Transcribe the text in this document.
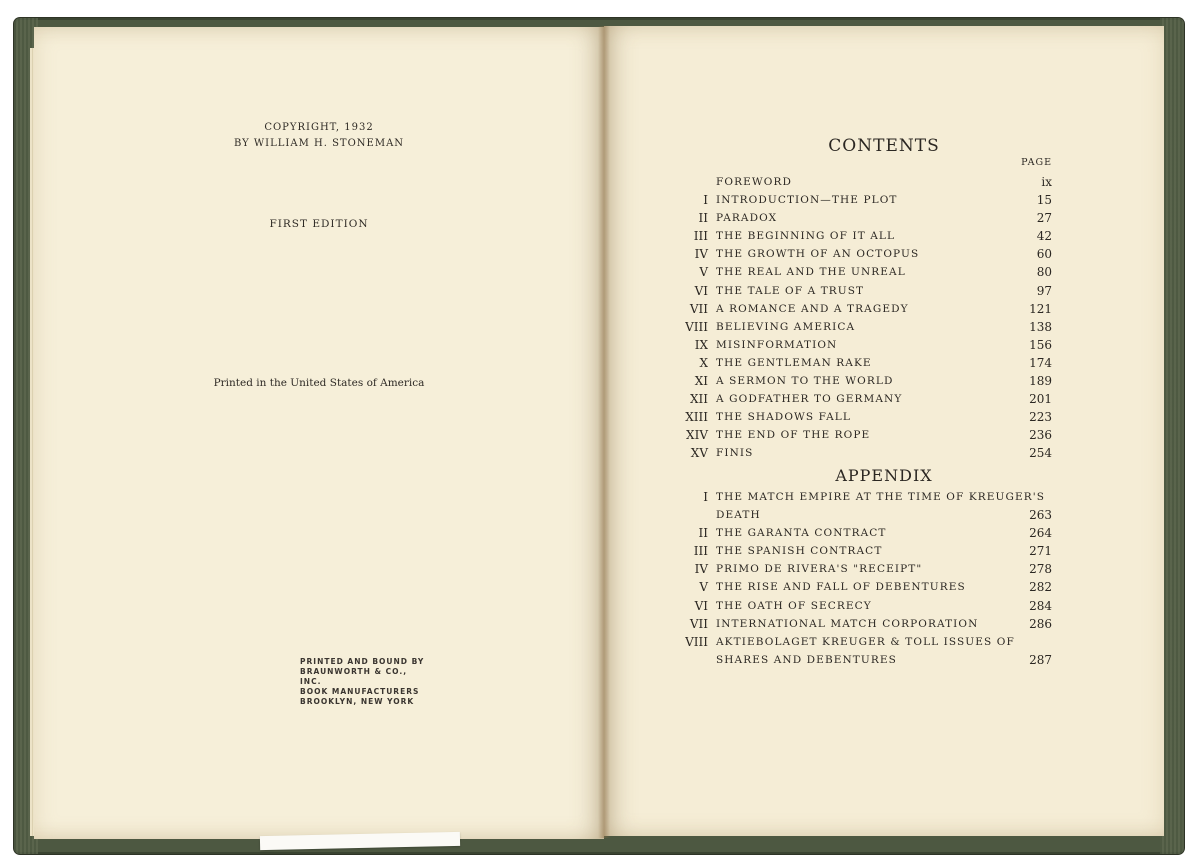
COPYRIGHT, 1932
BY WILLIAM H. STONEMAN
FIRST EDITION
Printed in the United States of America
PRINTED AND BOUND BY
BRAUNWORTH & CO., INC.
BOOK MANUFACTURERS
BROOKLYN, NEW YORK
CONTENTS
PAGE
FOREWORD	ix
I INTRODUCTION—THE PLOT	15
II PARADOX	27
III THE BEGINNING OF IT ALL	42
IV THE GROWTH OF AN OCTOPUS	60
V THE REAL AND THE UNREAL	80
VI THE TALE OF A TRUST	97
VII A ROMANCE AND A TRAGEDY	121
VIII BELIEVING AMERICA	138
IX MISINFORMATION	156
X THE GENTLEMAN RAKE	174
XI A SERMON TO THE WORLD	189
XII A GODFATHER TO GERMANY	201
XIII THE SHADOWS FALL	223
XIV THE END OF THE ROPE	236
XV FINIS	254
APPENDIX
I THE MATCH EMPIRE AT THE TIME OF KREUGER'S
DEATH	263
II THE GARANTA CONTRACT	264
III THE SPANISH CONTRACT	271
IV PRIMO DE RIVERA'S "RECEIPT"	278
V THE RISE AND FALL OF DEBENTURES	282
VI THE OATH OF SECRECY	284
VII INTERNATIONAL MATCH CORPORATION	286
VIII AKTIEBOLAGET KREUGER & TOLL ISSUES OF
SHARES AND DEBENTURES	287
